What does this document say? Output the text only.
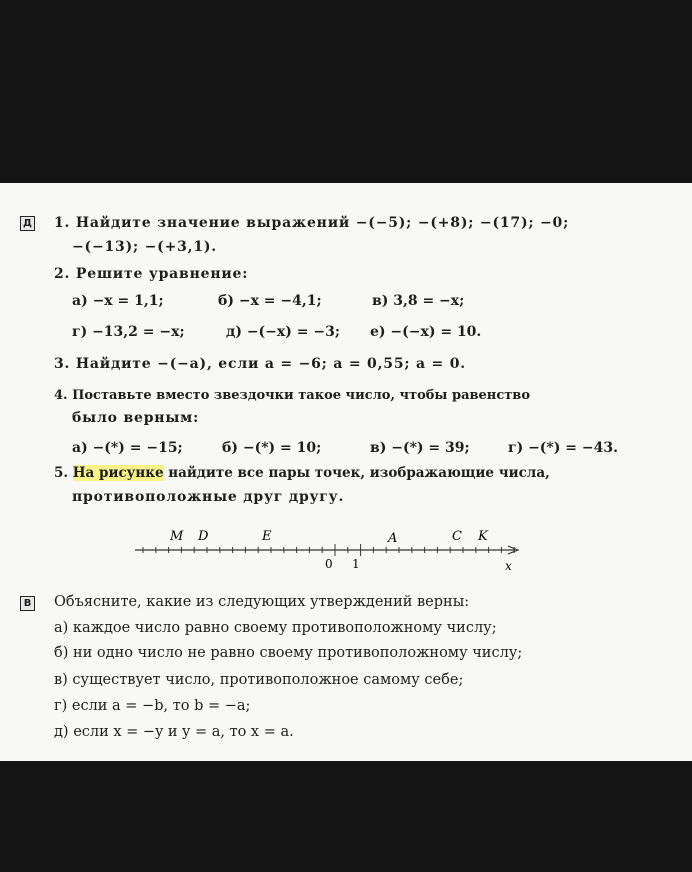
Д 1. Найдите значение выражений −(−5); −(+8); −(17); −0;
−(−13); −(+3,1).
2. Решите уравнение:
а) −x = 1,1;	б) −x = −4,1;	в) 3,8 = −x;
г) −13,2 = −x;	д) −(−x) = −3; е) −(−x) = 10.
3. Найдите −(−a), если a = −6; a = 0,55; a = 0.
4. Поставьте вместо звездочки такое число, чтобы равенство
было верным:
а) −(*) = −15;	б) −(*) = 10;	в) −(*) = 39;	г) −(*) = −43.
5. На рисунке найдите все пары точек, изображающие числа,
противоположные друг другу.
M D	E	A	C K
0 1	x
В Объясните, какие из следующих утверждений верны:
а) каждое число равно своему противоположному числу;
б) ни одно число не равно своему противоположному числу;
в) существует число, противоположное самому себе;
г) если a = −b, то b = −a;
д) если x = −y и y = a, то x = a.
